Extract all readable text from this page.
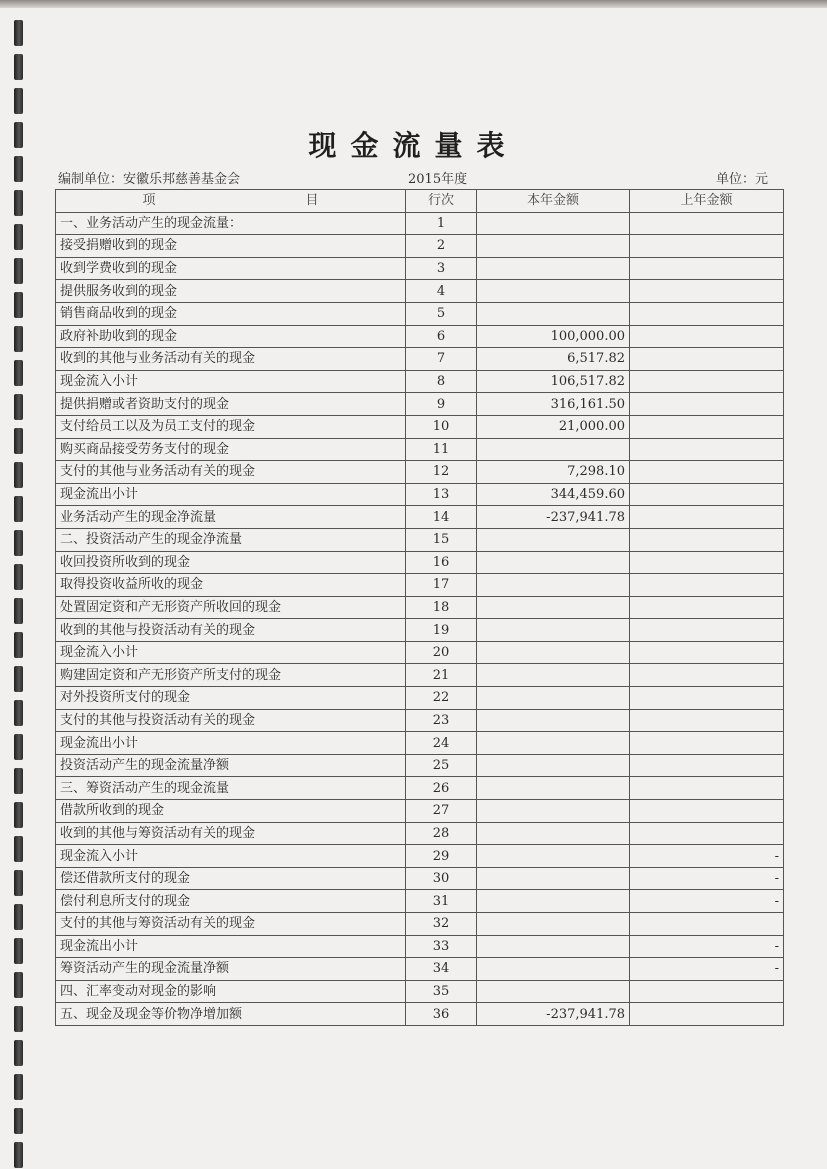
现金流量表
编制单位：安徽乐邦慈善基金会	2015年度	单位：元
项 目	行次	本年金额	上年金额
一、业务活动产生的现金流量：	1		
接受捐赠收到的现金	2		
收到学费收到的现金	3		
提供服务收到的现金	4		
销售商品收到的现金	5		
政府补助收到的现金	6	100,000.00	
收到的其他与业务活动有关的现金	7	6,517.82	
现金流入小计	8	106,517.82	
提供捐赠或者资助支付的现金	9	316,161.50	
支付给员工以及为员工支付的现金	10	21,000.00	
购买商品接受劳务支付的现金	11		
支付的其他与业务活动有关的现金	12	7,298.10	
现金流出小计	13	344,459.60	
业务活动产生的现金净流量	14	-237,941.78	
二、投资活动产生的现金净流量	15		
收回投资所收到的现金	16		
取得投资收益所收的现金	17		
处置固定资和产无形资产所收回的现金	18		
收到的其他与投资活动有关的现金	19		
现金流入小计	20		
购建固定资和产无形资产所支付的现金	21		
对外投资所支付的现金	22		
支付的其他与投资活动有关的现金	23		
现金流出小计	24		
投资活动产生的现金流量净额	25		
三、筹资活动产生的现金流量	26		
借款所收到的现金	27		
收到的其他与筹资活动有关的现金	28		
现金流入小计	29		-
偿还借款所支付的现金	30		-
偿付利息所支付的现金	31		-
支付的其他与筹资活动有关的现金	32		
现金流出小计	33		-
筹资活动产生的现金流量净额	34		-
四、汇率变动对现金的影响	35		
五、现金及现金等价物净增加额	36	-237,941.78	
